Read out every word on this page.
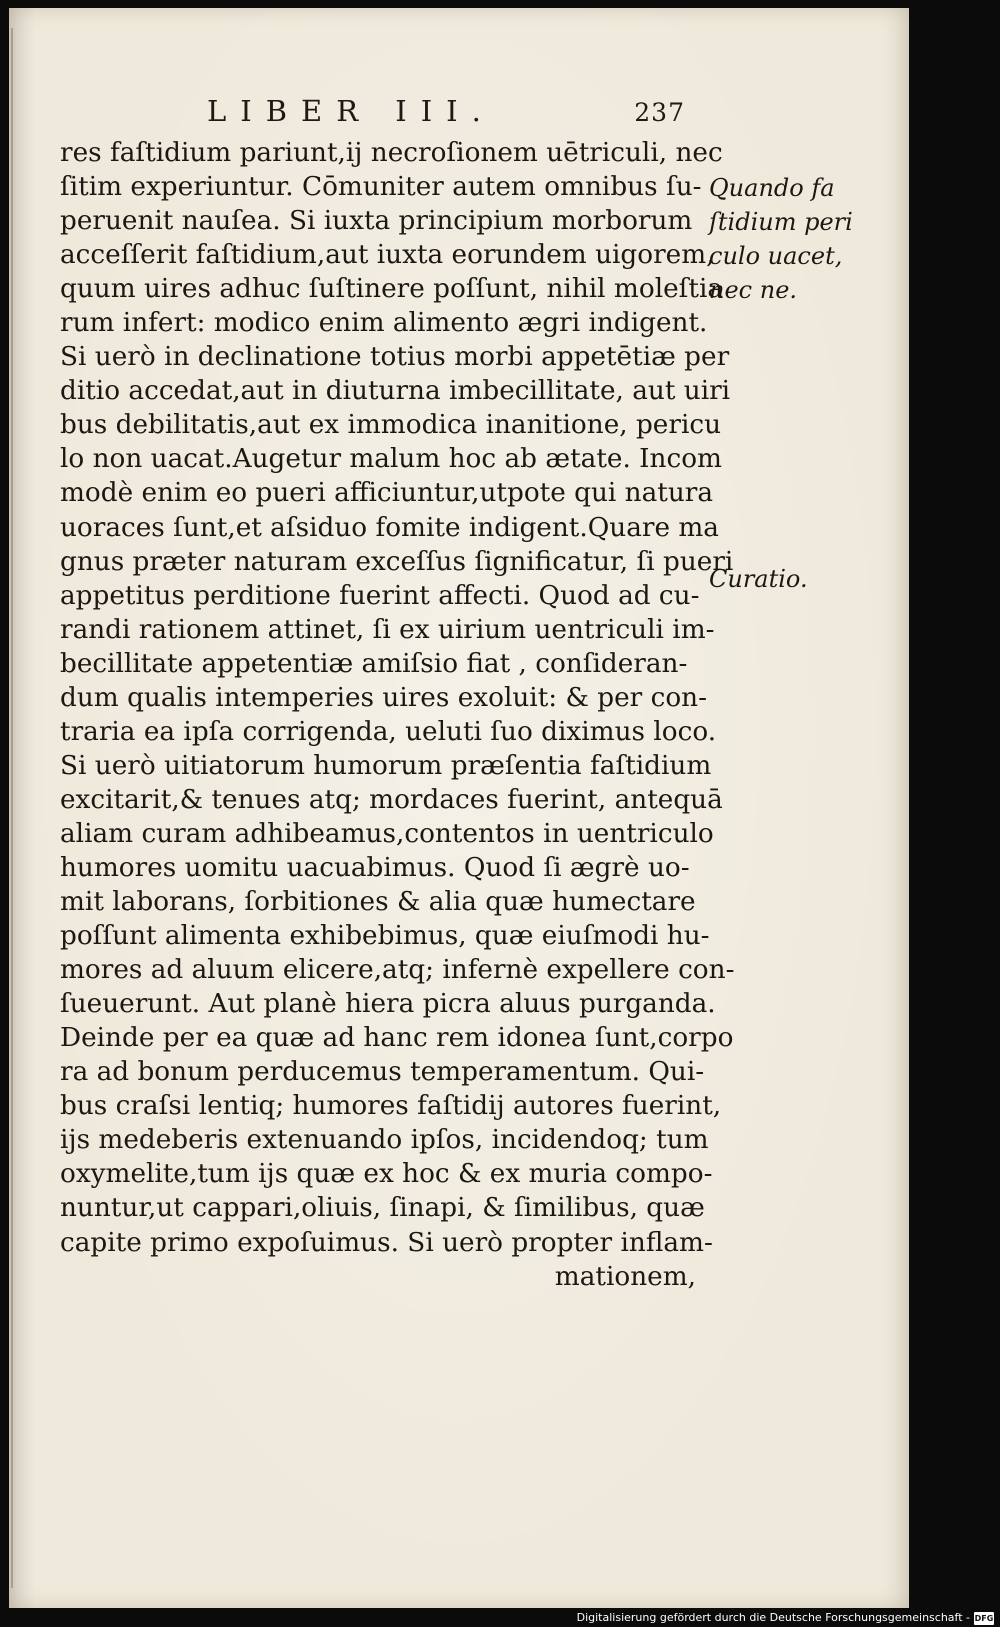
LIBER III.	237
res faſtidium pariunt,ij necroſionem uētriculi, nec
ſitim experiuntur. Cōmuniter autem omnibus ſu-
peruenit nauſea. Si iuxta principium morborum
acceſſerit faſtidium,aut iuxta eorundem uigorem,
quum uires adhuc ſuſtinere poſſunt, nihil moleſtia
rum infert: modico enim alimento ægri indigent.
Si uerò in declinatione totius morbi appetētiæ per
ditio accedat,aut in diuturna imbecillitate, aut uiri
bus debilitatis,aut ex immodica inanitione, pericu
lo non uacat.Augetur malum hoc ab ætate. Incom
modè enim eo pueri afficiuntur,utpote qui natura
uoraces ſunt,et aſsiduo fomite indigent.Quare ma
gnus præter naturam exceſſus ſignificatur, ſi pueri
appetitus perditione fuerint affecti. Quod ad cu-
randi rationem attinet, ſi ex uirium uentriculi im-
becillitate appetentiæ amiſsio fiat , conſideran-
dum qualis intemperies uires exoluit: & per con-
traria ea ipſa corrigenda, ueluti ſuo diximus loco.
Si uerò uitiatorum humorum præſentia faſtidium
excitarit,& tenues atq; mordaces fuerint, antequā
aliam curam adhibeamus,contentos in uentriculo
humores uomitu uacuabimus. Quod ſi ægrè uo-
mit laborans, ſorbitiones & alia quæ humectare
poſſunt alimenta exhibebimus, quæ eiuſmodi hu-
mores ad aluum elicere,atq; infernè expellere con-
ſueuerunt. Aut planè hiera picra aluus purganda.
Deinde per ea quæ ad hanc rem idonea ſunt,corpo
ra ad bonum perducemus temperamentum. Qui-
bus craſsi lentiq; humores faſtidij autores fuerint,
ijs medeberis extenuando ipſos, incidendoq; tum
oxymelite,tum ijs quæ ex hoc & ex muria compo-
nuntur,ut cappari,oliuis, ſinapi, & ſimilibus, quæ
capite primo expoſuimus. Si uerò propter inflam-
mationem,
Quando fa
ſtidium peri
culo uacet,
nec ne.
Curatio.
Digitalisierung gefördert durch die Deutsche Forschungsgemeinschaft - DFG
